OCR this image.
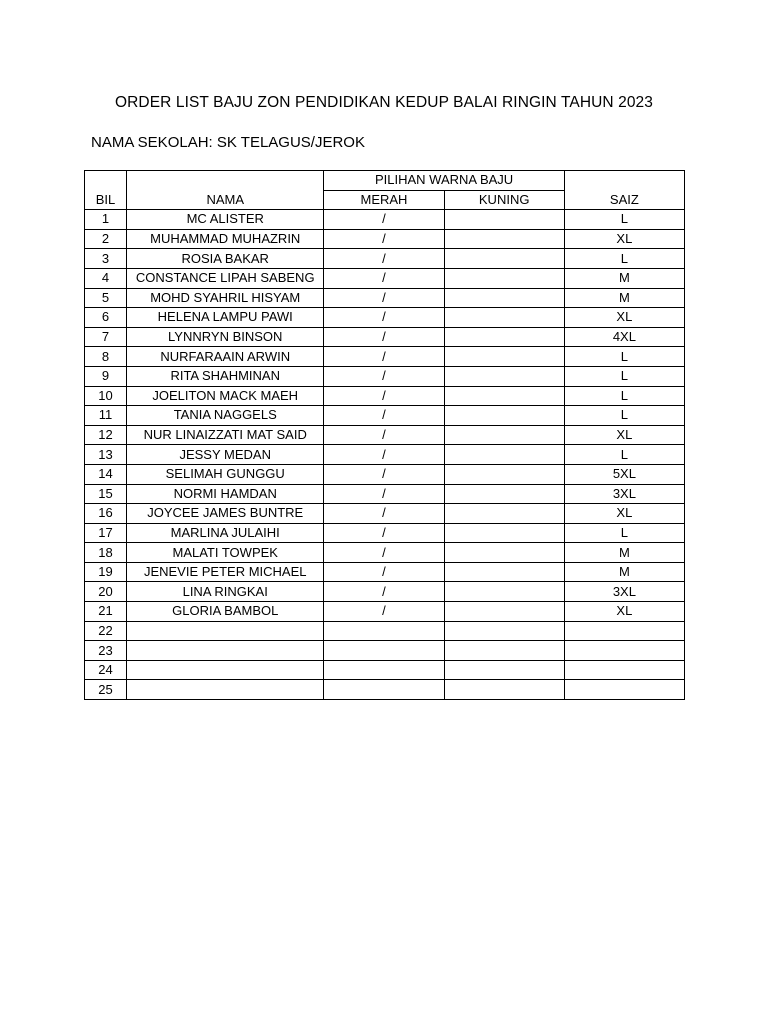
ORDER LIST BAJU ZON PENDIDIKAN KEDUP BALAI RINGIN TAHUN 2023
NAMA SEKOLAH: SK TELAGUS/JEROK
BIL	NAMA	PILIHAN WARNA BAJU		SAIZ
		MERAH	KUNING	
1	MC ALISTER	/		L
2	MUHAMMAD MUHAZRIN	/		XL
3	ROSIA BAKAR	/		L
4	CONSTANCE LIPAH SABENG	/		M
5	MOHD SYAHRIL HISYAM	/		M
6	HELENA LAMPU PAWI	/		XL
7	LYNNRYN BINSON	/		4XL
8	NURFARAAIN ARWIN	/		L
9	RITA SHAHMINAN	/		L
10	JOELITON MACK MAEH	/		L
11	TANIA NAGGELS	/		L
12	NUR LINAIZZATI MAT SAID	/		XL
13	JESSY MEDAN	/		L
14	SELIMAH GUNGGU	/		5XL
15	NORMI HAMDAN	/		3XL
16	JOYCEE JAMES BUNTRE	/		XL
17	MARLINA JULAIHI	/		L
18	MALATI TOWPEK	/		M
19	JENEVIE PETER MICHAEL	/		M
20	LINA RINGKAI	/		3XL
21	GLORIA BAMBOL	/		XL
22				
23				
24				
25				
